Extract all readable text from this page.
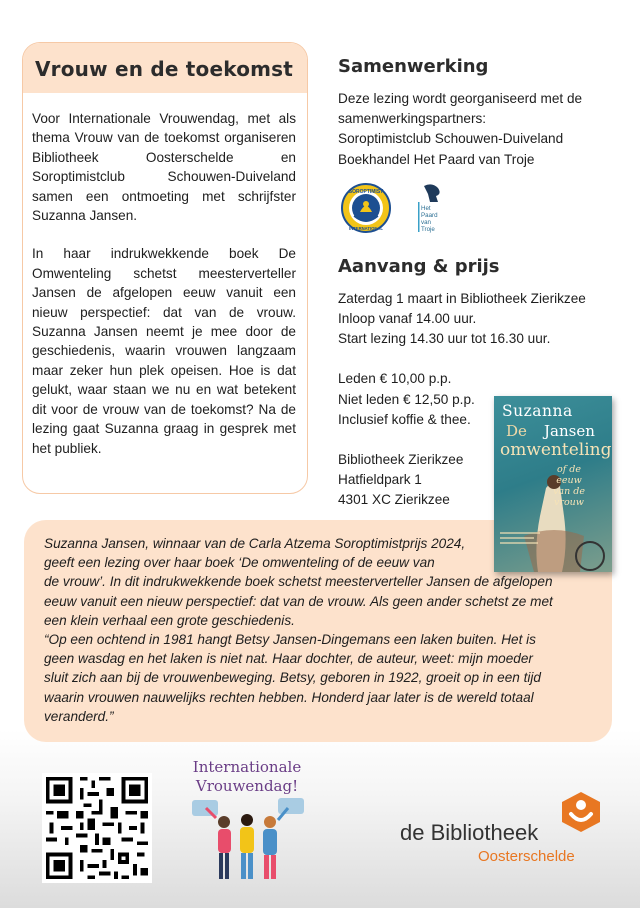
Vrouw en de toekomst

Voor Internationale Vrouwendag, met als thema Vrouw van de toekomst organiseren Bibliotheek Oosterschelde en Soroptimistclub Schouwen-Duiveland samen een ontmoeting met schrijfster Suzanna Jansen.

In haar indrukwekkende boek De Omwenteling schetst meesterverteller Jansen de afgelopen eeuw vanuit een nieuw perspectief: dat van de vrouw. Suzanna Jansen neemt je mee door de geschiedenis, waarin vrouwen langzaam maar zeker hun plek opeisen. Hoe is dat gelukt, waar staan we nu en wat betekent dit voor de vrouw van de toekomst? Na de lezing gaat Suzanna graag in gesprek met het publiek.

Samenwerking
Deze lezing wordt georganiseerd met de
samenwerkingspartners:
Soroptimistclub Schouwen-Duiveland
Boekhandel Het Paard van Troje
SOROPTIMIST
INTERNATIONAL
Het
Paard
van
Troje
Aanvang & prijs
Zaterdag 1 maart in Bibliotheek Zierikzee
Inloop vanaf 14.00 uur.
Start lezing 14.30 uur tot 16.30 uur.
Leden € 10,00 p.p.
Niet leden € 12,50 p.p.
Inclusief koffie & thee.
Bibliotheek Zierikzee
Hatfieldpark 1
4301 XC Zierikzee
Suzanna Jansen, winnaar van de Carla Atzema Soroptimistprijs 2024,
geeft een lezing over haar boek ‘De omwenteling of de eeuw van
de vrouw’. In dit indrukwekkende boek schetst meesterverteller Jansen de afgelopen
eeuw vanuit een nieuw perspectief: dat van de vrouw. Als geen ander schetst ze met
een klein verhaal een grote geschiedenis.
“Op een ochtend in 1981 hangt Betsy Jansen-Dingemans een laken buiten. Het is
geen wasdag en het laken is niet nat. Haar dochter, de auteur, weet: mijn moeder
sluit zich aan bij de vrouwenbeweging. Betsy, geboren in 1922, groeit op in een tijd
waarin vrouwen nauwelijks rechten hebben. Honderd jaar later is de wereld totaal
veranderd.”
Suzanna
De Jansen
omwenteling
of de
eeuw
van de
vrouw
Internationale
Vrouwendag!
de Bibliotheek
Oosterschelde
